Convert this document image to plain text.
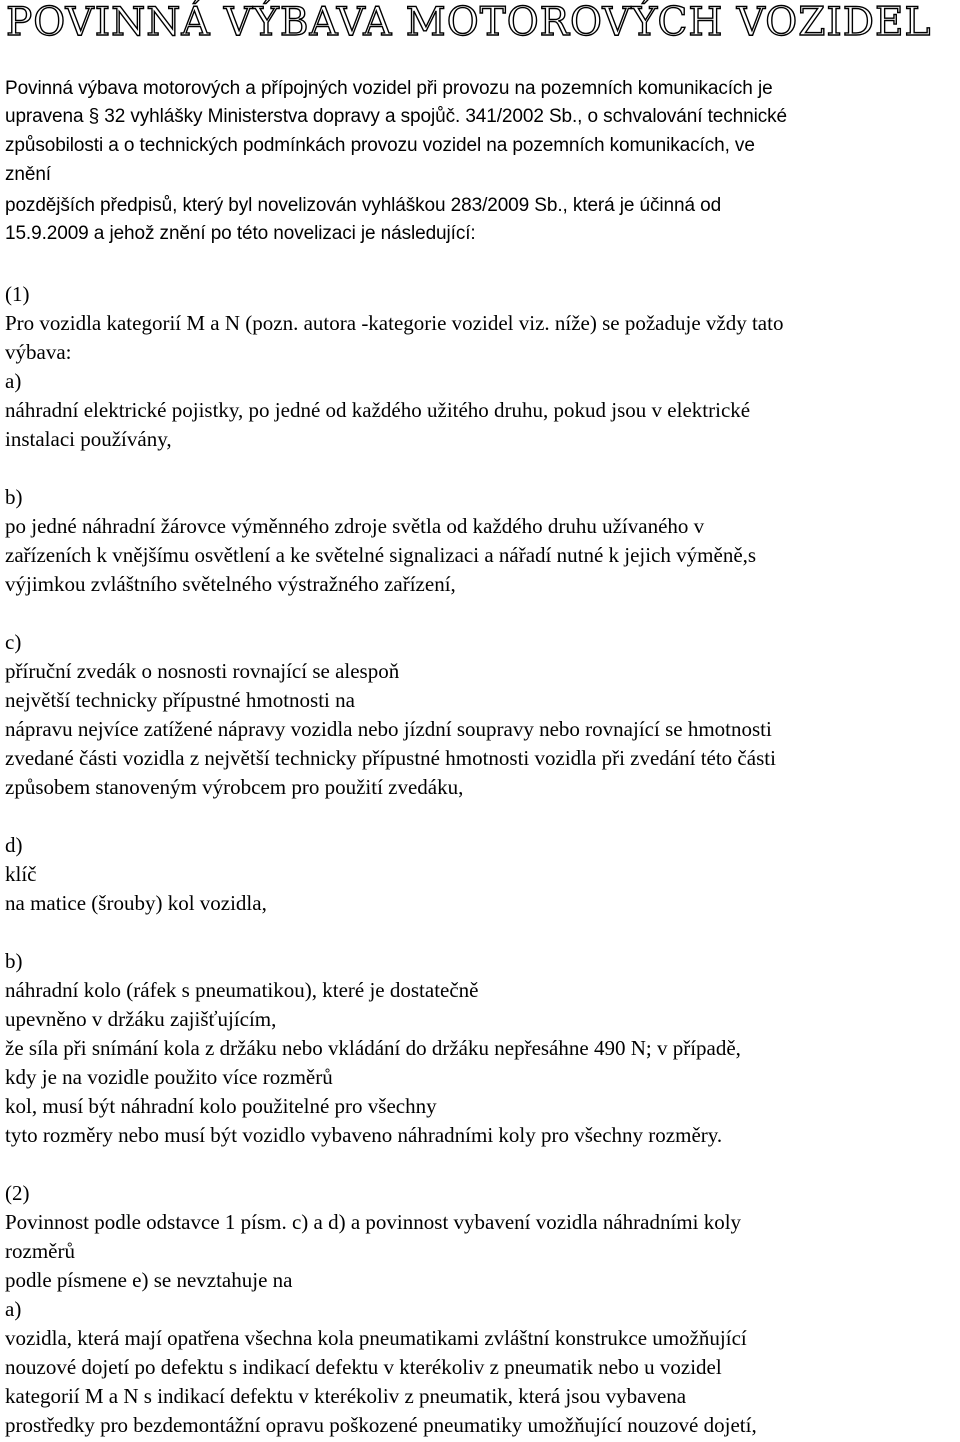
POVINNÁ VÝBAVA MOTOROVÝCH VOZIDEL

Povinná výbava motorových a přípojných vozidel při provozu na pozemních komunikacích je

upravena § 32 vyhlášky Ministerstva dopravy a spojůč. 341/2002 Sb., o schvalování technické

způsobilosti a o technických podmínkách provozu vozidel na pozemních komunikacích, ve

znění

pozdějších předpisů, který byl novelizován vyhláškou 283/2009 Sb., která je účinná od

15.9.2009 a jehož znění po této novelizaci je následující:

(1)

Pro vozidla kategorií M a N (pozn. autora -kategorie vozidel viz. níže) se požaduje vždy tato

výbava:

a)

náhradní elektrické pojistky, po jedné od každého užitého druhu, pokud jsou v elektrické

instalaci používány,

b)

po jedné náhradní žárovce výměnného zdroje světla od každého druhu užívaného v

zařízeních k vnějšímu osvětlení a ke světelné signalizaci a nářadí nutné k jejich výměně,s

výjimkou zvláštního světelného výstražného zařízení,

c)

příruční zvedák o nosnosti rovnající se alespoň

největší technicky přípustné hmotnosti na

nápravu nejvíce zatížené nápravy vozidla nebo jízdní soupravy nebo rovnající se hmotnosti

zvedané části vozidla z největší technicky přípustné hmotnosti vozidla při zvedání této části

způsobem stanoveným výrobcem pro použití zvedáku,

d)

klíč

na matice (šrouby) kol vozidla,

b)

náhradní kolo (ráfek s pneumatikou), které je dostatečně

upevněno v držáku zajišťujícím,

že síla při snímání kola z držáku nebo vkládání do držáku nepřesáhne 490 N; v případě,

kdy je na vozidle použito více rozměrů

kol, musí být náhradní kolo použitelné pro všechny

tyto rozměry nebo musí být vozidlo vybaveno náhradními koly pro všechny rozměry.

(2)

Povinnost podle odstavce 1 písm. c) a d) a povinnost vybavení vozidla náhradními koly

rozměrů

podle písmene e) se nevztahuje na

a)

vozidla, která mají opatřena všechna kola pneumatikami zvláštní konstrukce umožňující

nouzové dojetí po defektu s indikací defektu v kterékoliv z pneumatik nebo u vozidel

kategorií M a N s indikací defektu v kterékoliv z pneumatik, která jsou vybavena

prostředky pro bezdemontážní opravu poškozené pneumatiky umožňující nouzové dojetí,
